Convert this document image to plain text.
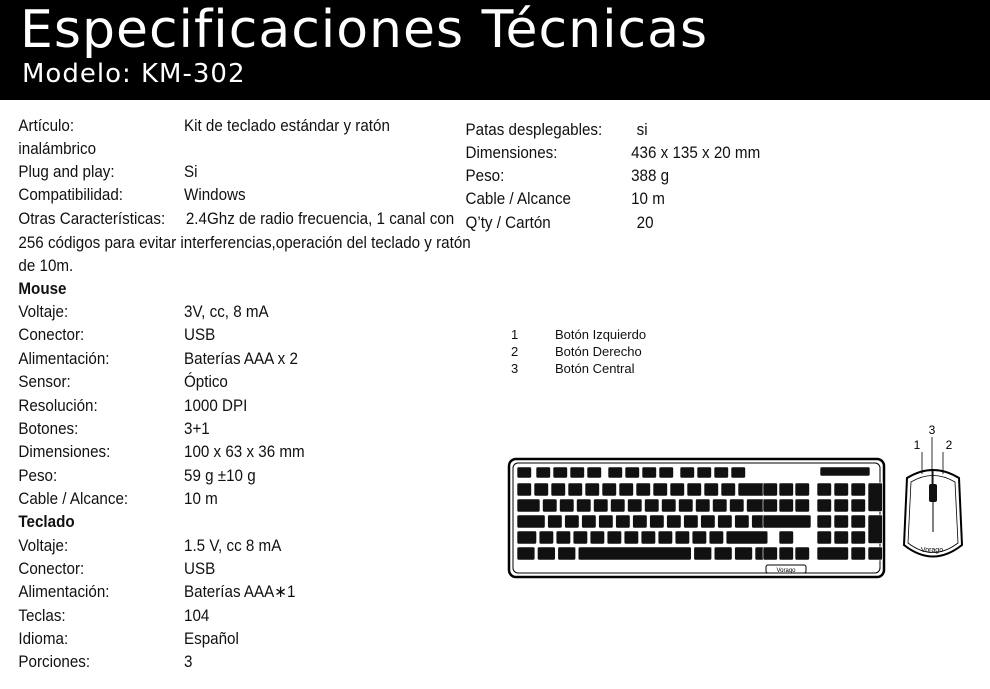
Especificaciones Técnicas
Modelo: KM-302
Artículo:	Kit de teclado estándar y ratón
inalámbrico
Plug and play:	Si
Compatibilidad:	Windows
Otras Características: 2.4Ghz de radio frecuencia, 1 canal con
256 códigos para evitar interferencias,operación del teclado y ratón
de 10m.
Mouse
Voltaje:	3V, cc, 8 mA
Conector:	USB
Alimentación:	Baterías AAA x 2
Sensor:	Óptico
Resolución:	1000 DPI
Botones:	3+1
Dimensiones:	100 x 63 x 36 mm
Peso:	59 g ±10 g
Cable / Alcance:	10 m
Teclado
Voltaje:	1.5 V, cc 8 mA
Conector:	USB
Alimentación:	Baterías AAA∗1
Teclas:	104
Idioma:	Español
Porciones:	3
Patas desplegables: si
Dimensiones:	436 x 135 x 20 mm
Peso:	388 g
Cable / Alcance	10 m
Q’ty / Cartón	20
1	Botón Izquierdo
2	Botón Derecho
3	Botón Central
Vorago
Vorago
3
1 2
